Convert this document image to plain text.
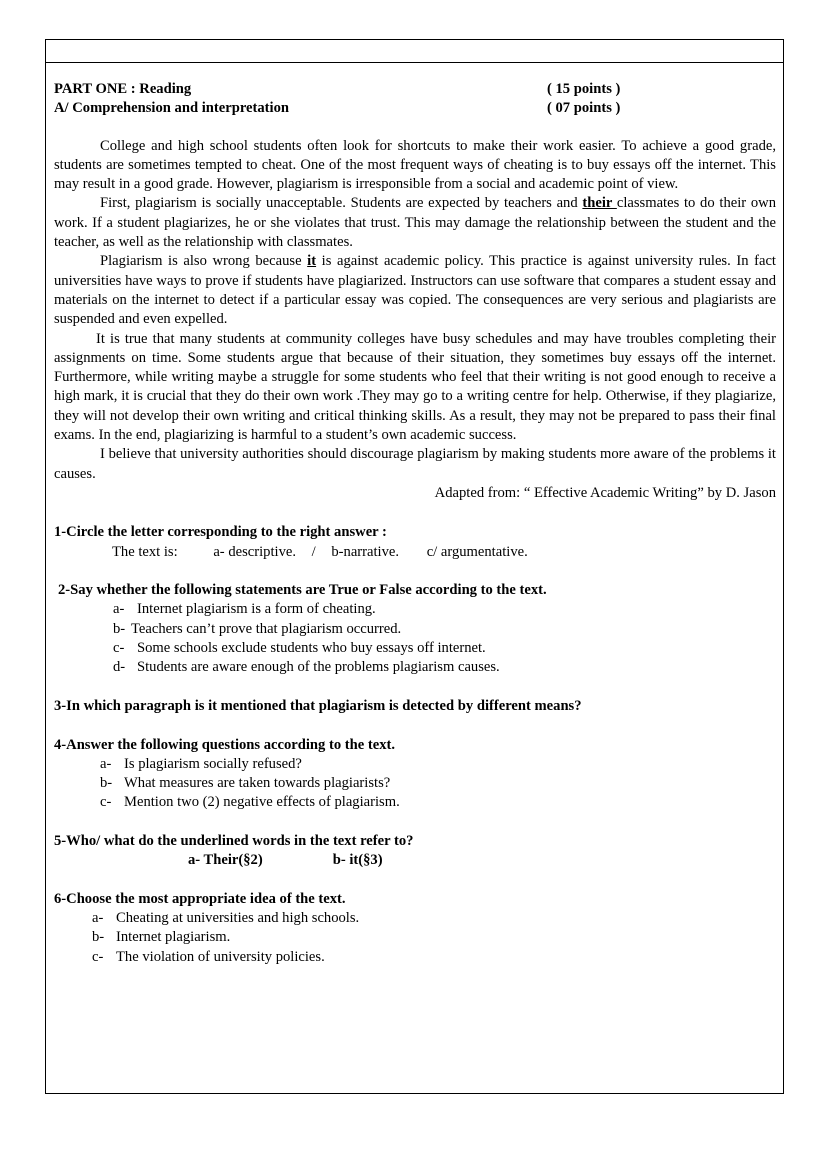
PART ONE : Reading	( 15 points )
A/ Comprehension and interpretation	( 07 points )

College and high school students often look for shortcuts to make their work easier. To achieve a good grade, students are sometimes tempted to cheat. One of the most frequent ways of cheating is to buy essays off the internet. This may result in a good grade. However, plagiarism is irresponsible from a social and academic point of view.

First, plagiarism is socially unacceptable. Students are expected by teachers and their classmates to do their own work. If a student plagiarizes, he or she violates that trust. This may damage the relationship between the student and the teacher, as well as the relationship with classmates.

Plagiarism is also wrong because it is against academic policy. This practice is against university rules. In fact universities have ways to prove if students have plagiarized. Instructors can use software that compares a student essay and materials on the internet to detect if a particular essay was copied. The consequences are very serious and plagiarists are suspended and even expelled.

It is true that many students at community colleges have busy schedules and may have troubles completing their assignments on time. Some students argue that because of their situation, they sometimes buy essays off the internet. Furthermore, while writing maybe a struggle for some students who feel that their writing is not good enough to receive a high mark, it is crucial that they do their own work .They may go to a writing centre for help. Otherwise, if they plagiarize, they will not develop their own writing and critical thinking skills. As a result, they may not be prepared to pass their final exams. In the end, plagiarizing is harmful to a student’s own academic success.

I believe that university authorities should discourage plagiarism by making students more aware of the problems it causes.

Adapted from: “ Effective Academic Writing” by D. Jason
1-Circle the letter corresponding to the right answer :
The text is: a- descriptive. / b-narrative. c/ argumentative.
2-Say whether the following statements are True or False according to the text.
a- Internet plagiarism is a form of cheating.
b- Teachers can’t prove that plagiarism occurred.
c- Some schools exclude students who buy essays off internet.
d- Students are aware enough of the problems plagiarism causes.
3-In which paragraph is it mentioned that plagiarism is detected by different means?
4-Answer the following questions according to the text.
a- Is plagiarism socially refused?
b- What measures are taken towards plagiarists?
c- Mention two (2) negative effects of plagiarism.
5-Who/ what do the underlined words in the text refer to?
a- Their(§2)	b- it(§3)
6-Choose the most appropriate idea of the text.
a- Cheating at universities and high schools.
b- Internet plagiarism.
c- The violation of university policies.
